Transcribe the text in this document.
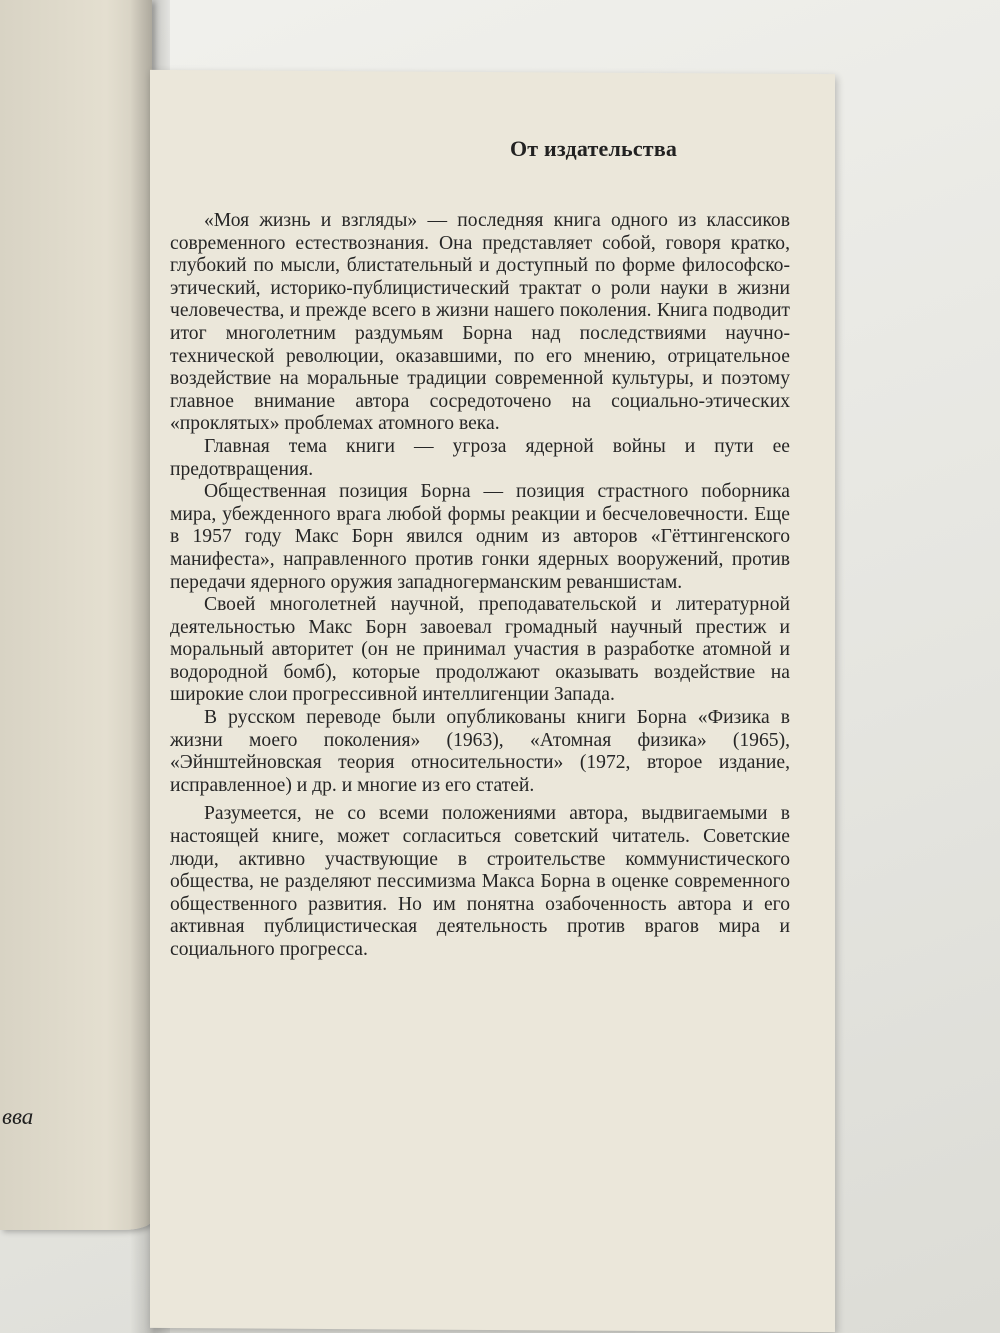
вва
От издательства

«Моя жизнь и взгляды» — последняя книга одного из классиков современного естествознания. Она представляет собой, говоря кратко, глубокий по мысли, блистательный и доступный по форме философско-этический, историко-публицистический трактат о роли науки в жизни человечества, и прежде всего в жизни нашего поколения. Книга подводит итог многолетним раздумьям Борна над последствиями научно-технической революции, оказавшими, по его мнению, отрицательное воздействие на моральные традиции современной культуры, и поэтому главное внимание автора сосредоточено на социально-этических «проклятых» проблемах атомного века.

Главная тема книги — угроза ядерной войны и пути ее предотвращения.

Общественная позиция Борна — позиция страстного поборника мира, убежденного врага любой формы реакции и бесчеловечности. Еще в 1957 году Макс Борн явился одним из авторов «Гёттингенского манифеста», направленного против гонки ядерных вооружений, против передачи ядерного оружия западногерманским реваншистам.

Своей многолетней научной, преподавательской и литературной деятельностью Макс Борн завоевал громадный научный престиж и моральный авторитет (он не принимал участия в разработке атомной и водородной бомб), которые продолжают оказывать воздействие на широкие слои прогрессивной интеллигенции Запада.

В русском переводе были опубликованы книги Борна «Физика в жизни моего поколения» (1963), «Атомная физика» (1965), «Эйнштейновская теория относительности» (1972, второе издание, исправленное) и др. и многие из его статей.

Разумеется, не со всеми положениями автора, выдвигаемыми в настоящей книге, может согласиться советский читатель. Советские люди, активно участвующие в строительстве коммунистического общества, не разделяют пессимизма Макса Борна в оценке современного общественного развития. Но им понятна озабоченность автора и его активная публицистическая деятельность против врагов мира и социального прогресса.
